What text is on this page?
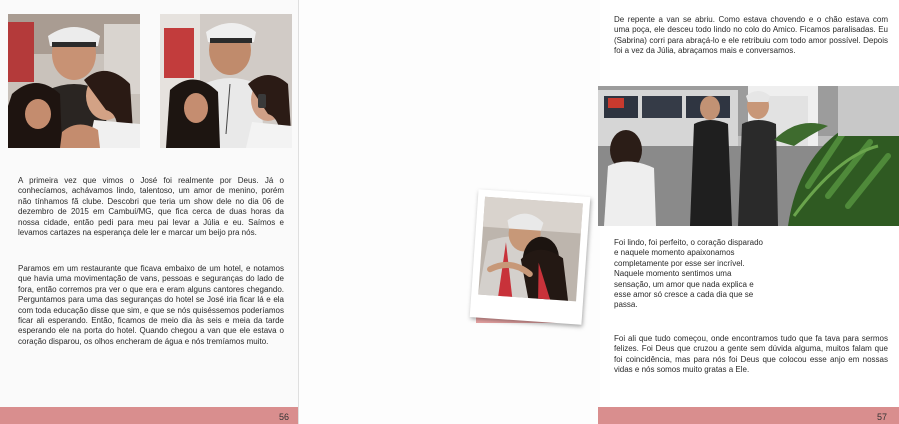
A primeira vez que vimos o José foi realmente por Deus. Já o conhecíamos, achávamos lindo, talentoso, um amor de menino, porém não tínhamos fã clube. Descobri que teria um show dele no dia 06 de dezembro de 2015 em Cambuí/MG, que fica cerca de duas horas da nossa cidade, então pedi para meu pai levar a Júlia e eu. Saímos e levamos cartazes na esperança dele ler e marcar um beijo pra nós.

Paramos em um restaurante que ficava embaixo de um hotel, e notamos que havia uma movimentação de vans, pessoas e seguranças do lado de fora, então corremos pra ver o que era e eram alguns cantores chegando. Perguntamos para uma das seguranças do hotel se José iria ficar lá e ela com toda educação disse que sim, e que se nós quiséssemos poderíamos ficar ali esperando. Então, ficamos de meio dia às seis e meia da tarde esperando ele na porta do hotel. Quando chegou a van que ele estava o coração disparou, os olhos encheram de água e nós tremíamos muito.

56

De repente a van se abriu. Como estava chovendo e o chão estava com uma poça, ele desceu todo lindo no colo do Amico. Ficamos paralisadas. Eu (Sabrina) corri para abraçá-lo e ele retribuiu com todo amor possível. Depois foi a vez da Júlia, abraçamos mais e conversamos.

Foi lindo, foi perfeito, o coração disparado e naquele momento apaixonamos completamente por esse ser incrível. Naquele momento sentimos uma sensação, um amor que nada explica e esse amor só cresce a cada dia que se passa.

Foi ali que tudo começou, onde encontramos tudo que fa tava para sermos felizes. Foi Deus que cruzou a gente sem dúvida alguma, muitos falam que foi coincidência, mas para nós foi Deus que colocou esse anjo em nossas vidas e nós somos muito gratas a Ele.

57
